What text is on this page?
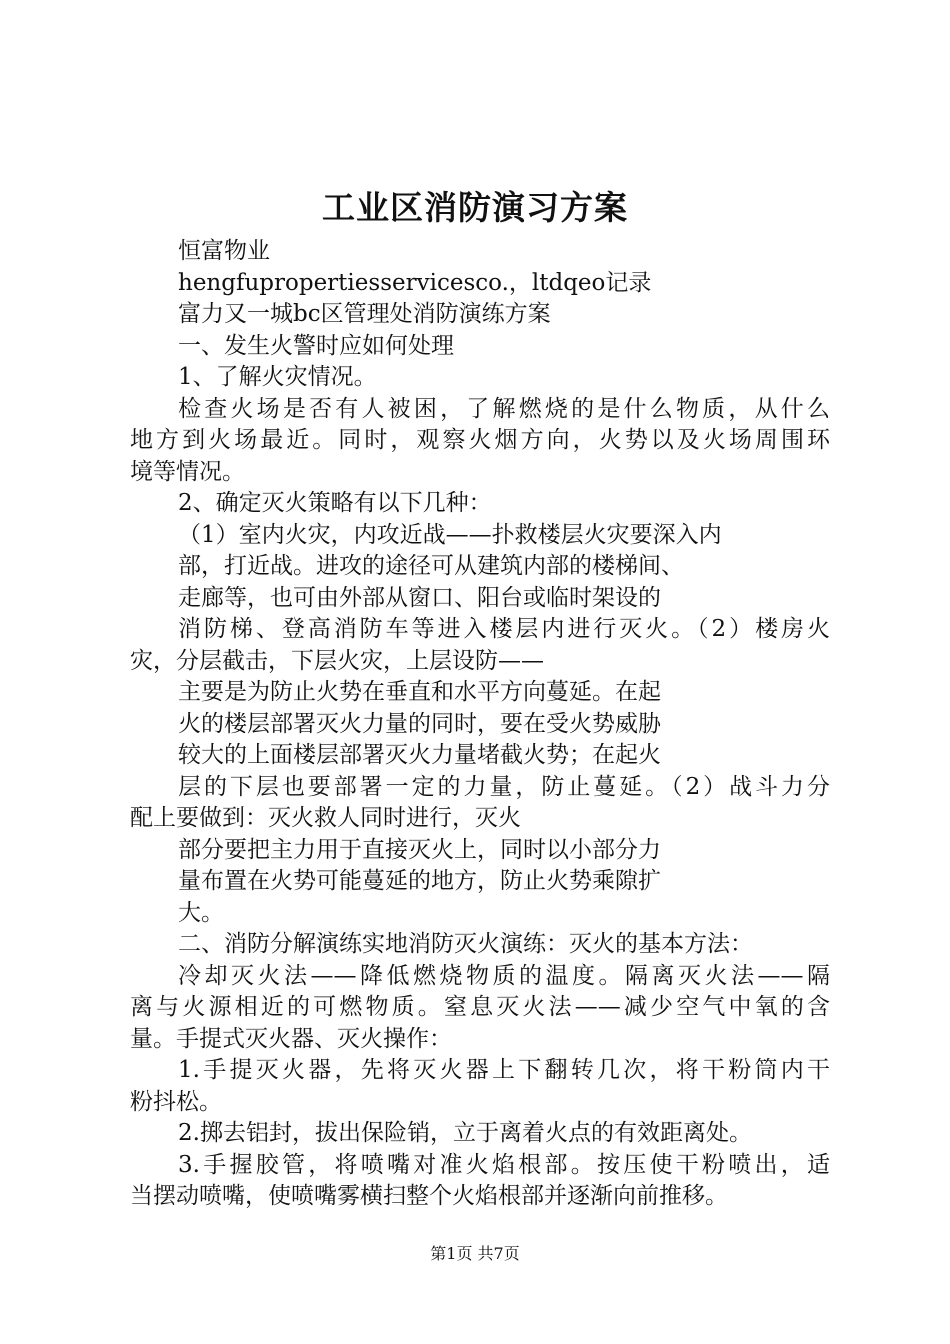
工业区消防演习方案
恒富物业
hengfupropertiesservicesco.，ltdqeo记录
富力又一城bc区管理处消防演练方案
一、发生火警时应如何处理
1、了解火灾情况。
检查火场是否有人被困，了解燃烧的是什么物质，从什么
地方到火场最近。同时，观察火烟方向，火势以及火场周围环
境等情况。
2、确定灭火策略有以下几种：
（1）室内火灾，内攻近战——扑救楼层火灾要深入内
部，打近战。进攻的途径可从建筑内部的楼梯间、
走廊等，也可由外部从窗口、阳台或临时架设的
消防梯、登高消防车等进入楼层内进行灭火。（2）楼房火
灾，分层截击，下层火灾，上层设防——
主要是为防止火势在垂直和水平方向蔓延。在起
火的楼层部署灭火力量的同时，要在受火势威胁
较大的上面楼层部署灭火力量堵截火势；在起火
层的下层也要部署一定的力量，防止蔓延。（2）战斗力分
配上要做到：灭火救人同时进行，灭火
部分要把主力用于直接灭火上，同时以小部分力
量布置在火势可能蔓延的地方，防止火势乘隙扩
大。
二、消防分解演练实地消防灭火演练：灭火的基本方法：
冷却灭火法——降低燃烧物质的温度。隔离灭火法——隔
离与火源相近的可燃物质。窒息灭火法——减少空气中氧的含
量。手提式灭火器、灭火操作：
1.手提灭火器，先将灭火器上下翻转几次，将干粉筒内干
粉抖松。
2.掷去铝封，拔出保险销，立于离着火点的有效距离处。
3.手握胶管，将喷嘴对准火焰根部。按压使干粉喷出，适
当摆动喷嘴，使喷嘴雾横扫整个火焰根部并逐渐向前推移。
第1页 共7页
